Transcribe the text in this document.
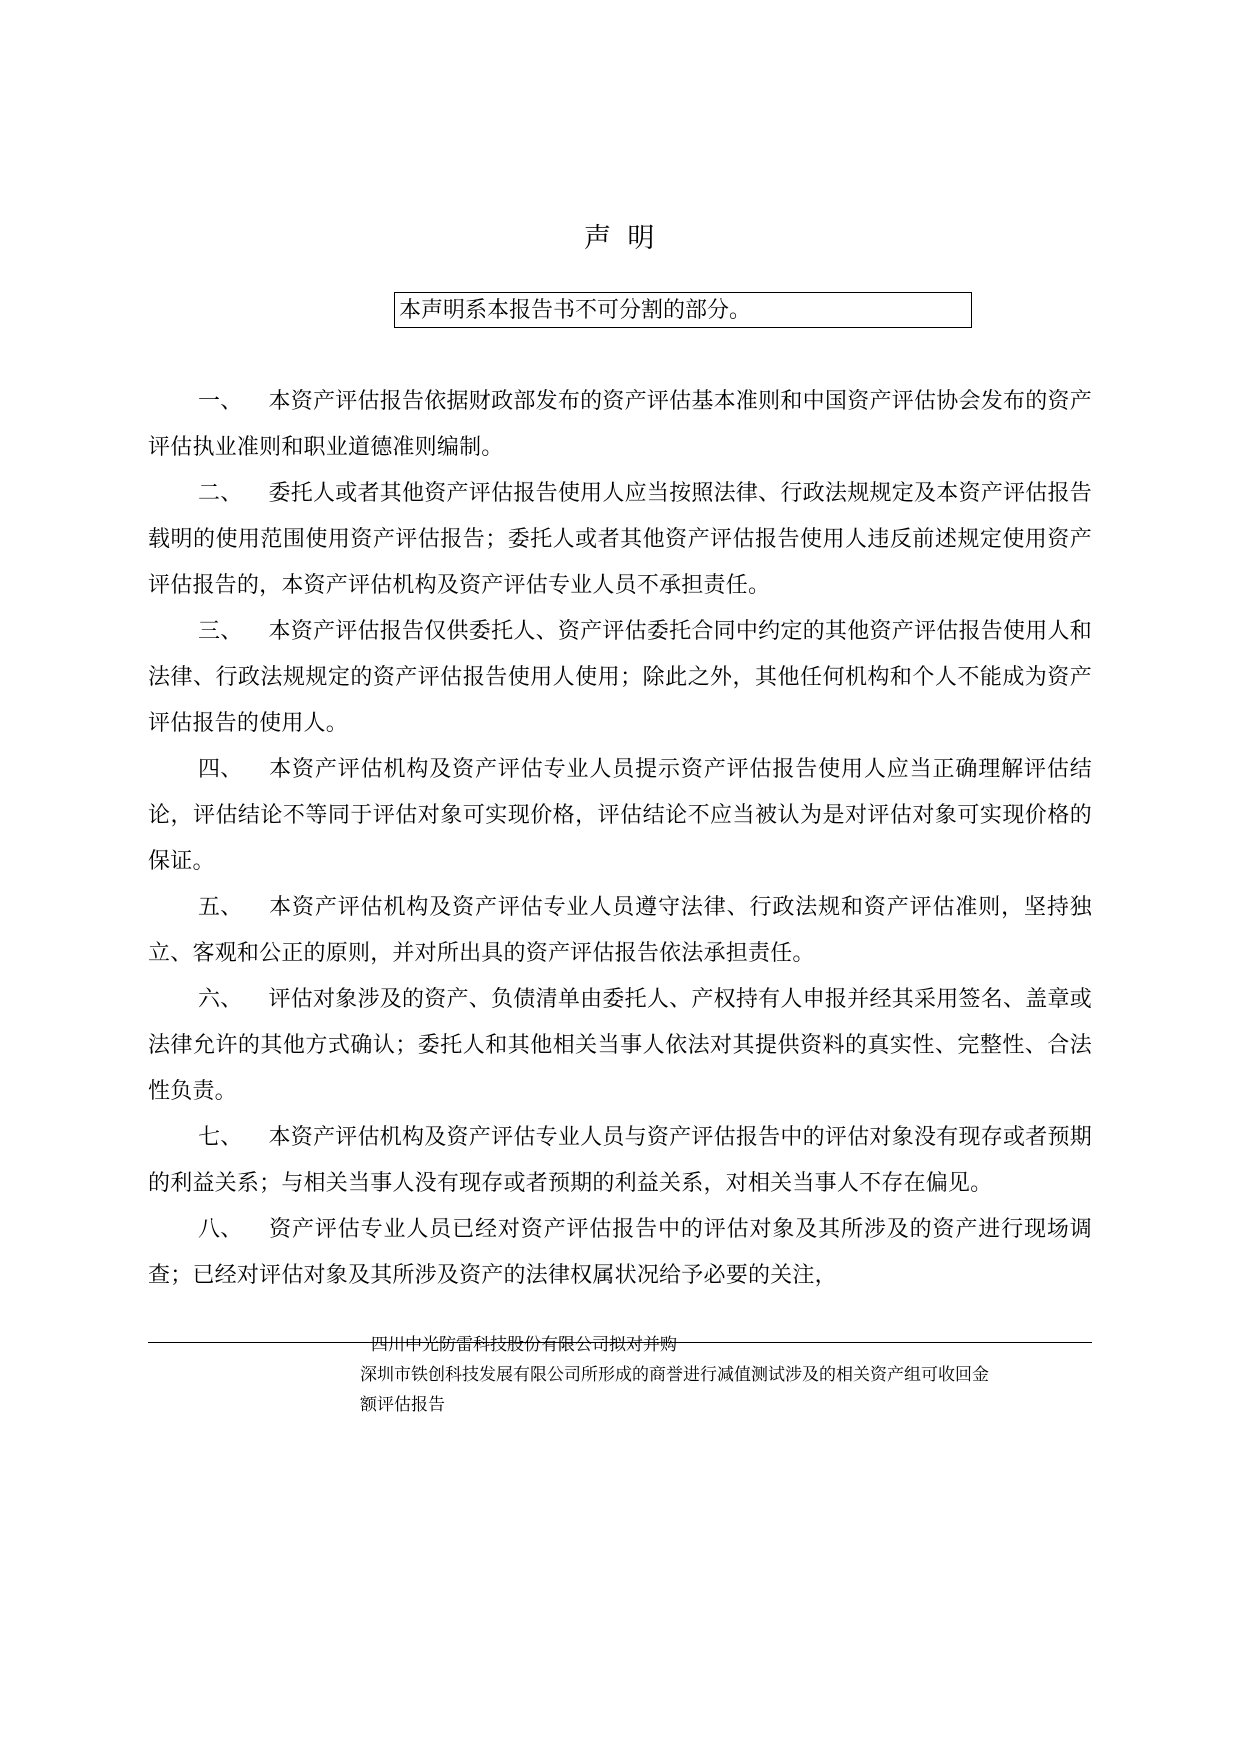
声 明
本声明系本报告书不可分割的部分。

一、 本资产评估报告依据财政部发布的资产评估基本准则和中国资产评估协会发布的资产评估执业准则和职业道德准则编制。

二、 委托人或者其他资产评估报告使用人应当按照法律、行政法规规定及本资产评估报告载明的使用范围使用资产评估报告；委托人或者其他资产评估报告使用人违反前述规定使用资产评估报告的，本资产评估机构及资产评估专业人员不承担责任。

三、 本资产评估报告仅供委托人、资产评估委托合同中约定的其他资产评估报告使用人和法律、行政法规规定的资产评估报告使用人使用；除此之外，其他任何机构和个人不能成为资产评估报告的使用人。

四、 本资产评估机构及资产评估专业人员提示资产评估报告使用人应当正确理解评估结论，评估结论不等同于评估对象可实现价格，评估结论不应当被认为是对评估对象可实现价格的保证。

五、 本资产评估机构及资产评估专业人员遵守法律、行政法规和资产评估准则，坚持独立、客观和公正的原则，并对所出具的资产评估报告依法承担责任。

六、 评估对象涉及的资产、负债清单由委托人、产权持有人申报并经其采用签名、盖章或法律允许的其他方式确认；委托人和其他相关当事人依法对其提供资料的真实性、完整性、合法性负责。

七、 本资产评估机构及资产评估专业人员与资产评估报告中的评估对象没有现存或者预期的利益关系；与相关当事人没有现存或者预期的利益关系，对相关当事人不存在偏见。

八、 资产评估专业人员已经对资产评估报告中的评估对象及其所涉及的资产进行现场调查；已经对评估对象及其所涉及资产的法律权属状况给予必要的关注，

四川中光防雷科技股份有限公司拟对并购
深圳市铁创科技发展有限公司所形成的商誉进行减值测试涉及的相关资产组可收回金
额评估报告
